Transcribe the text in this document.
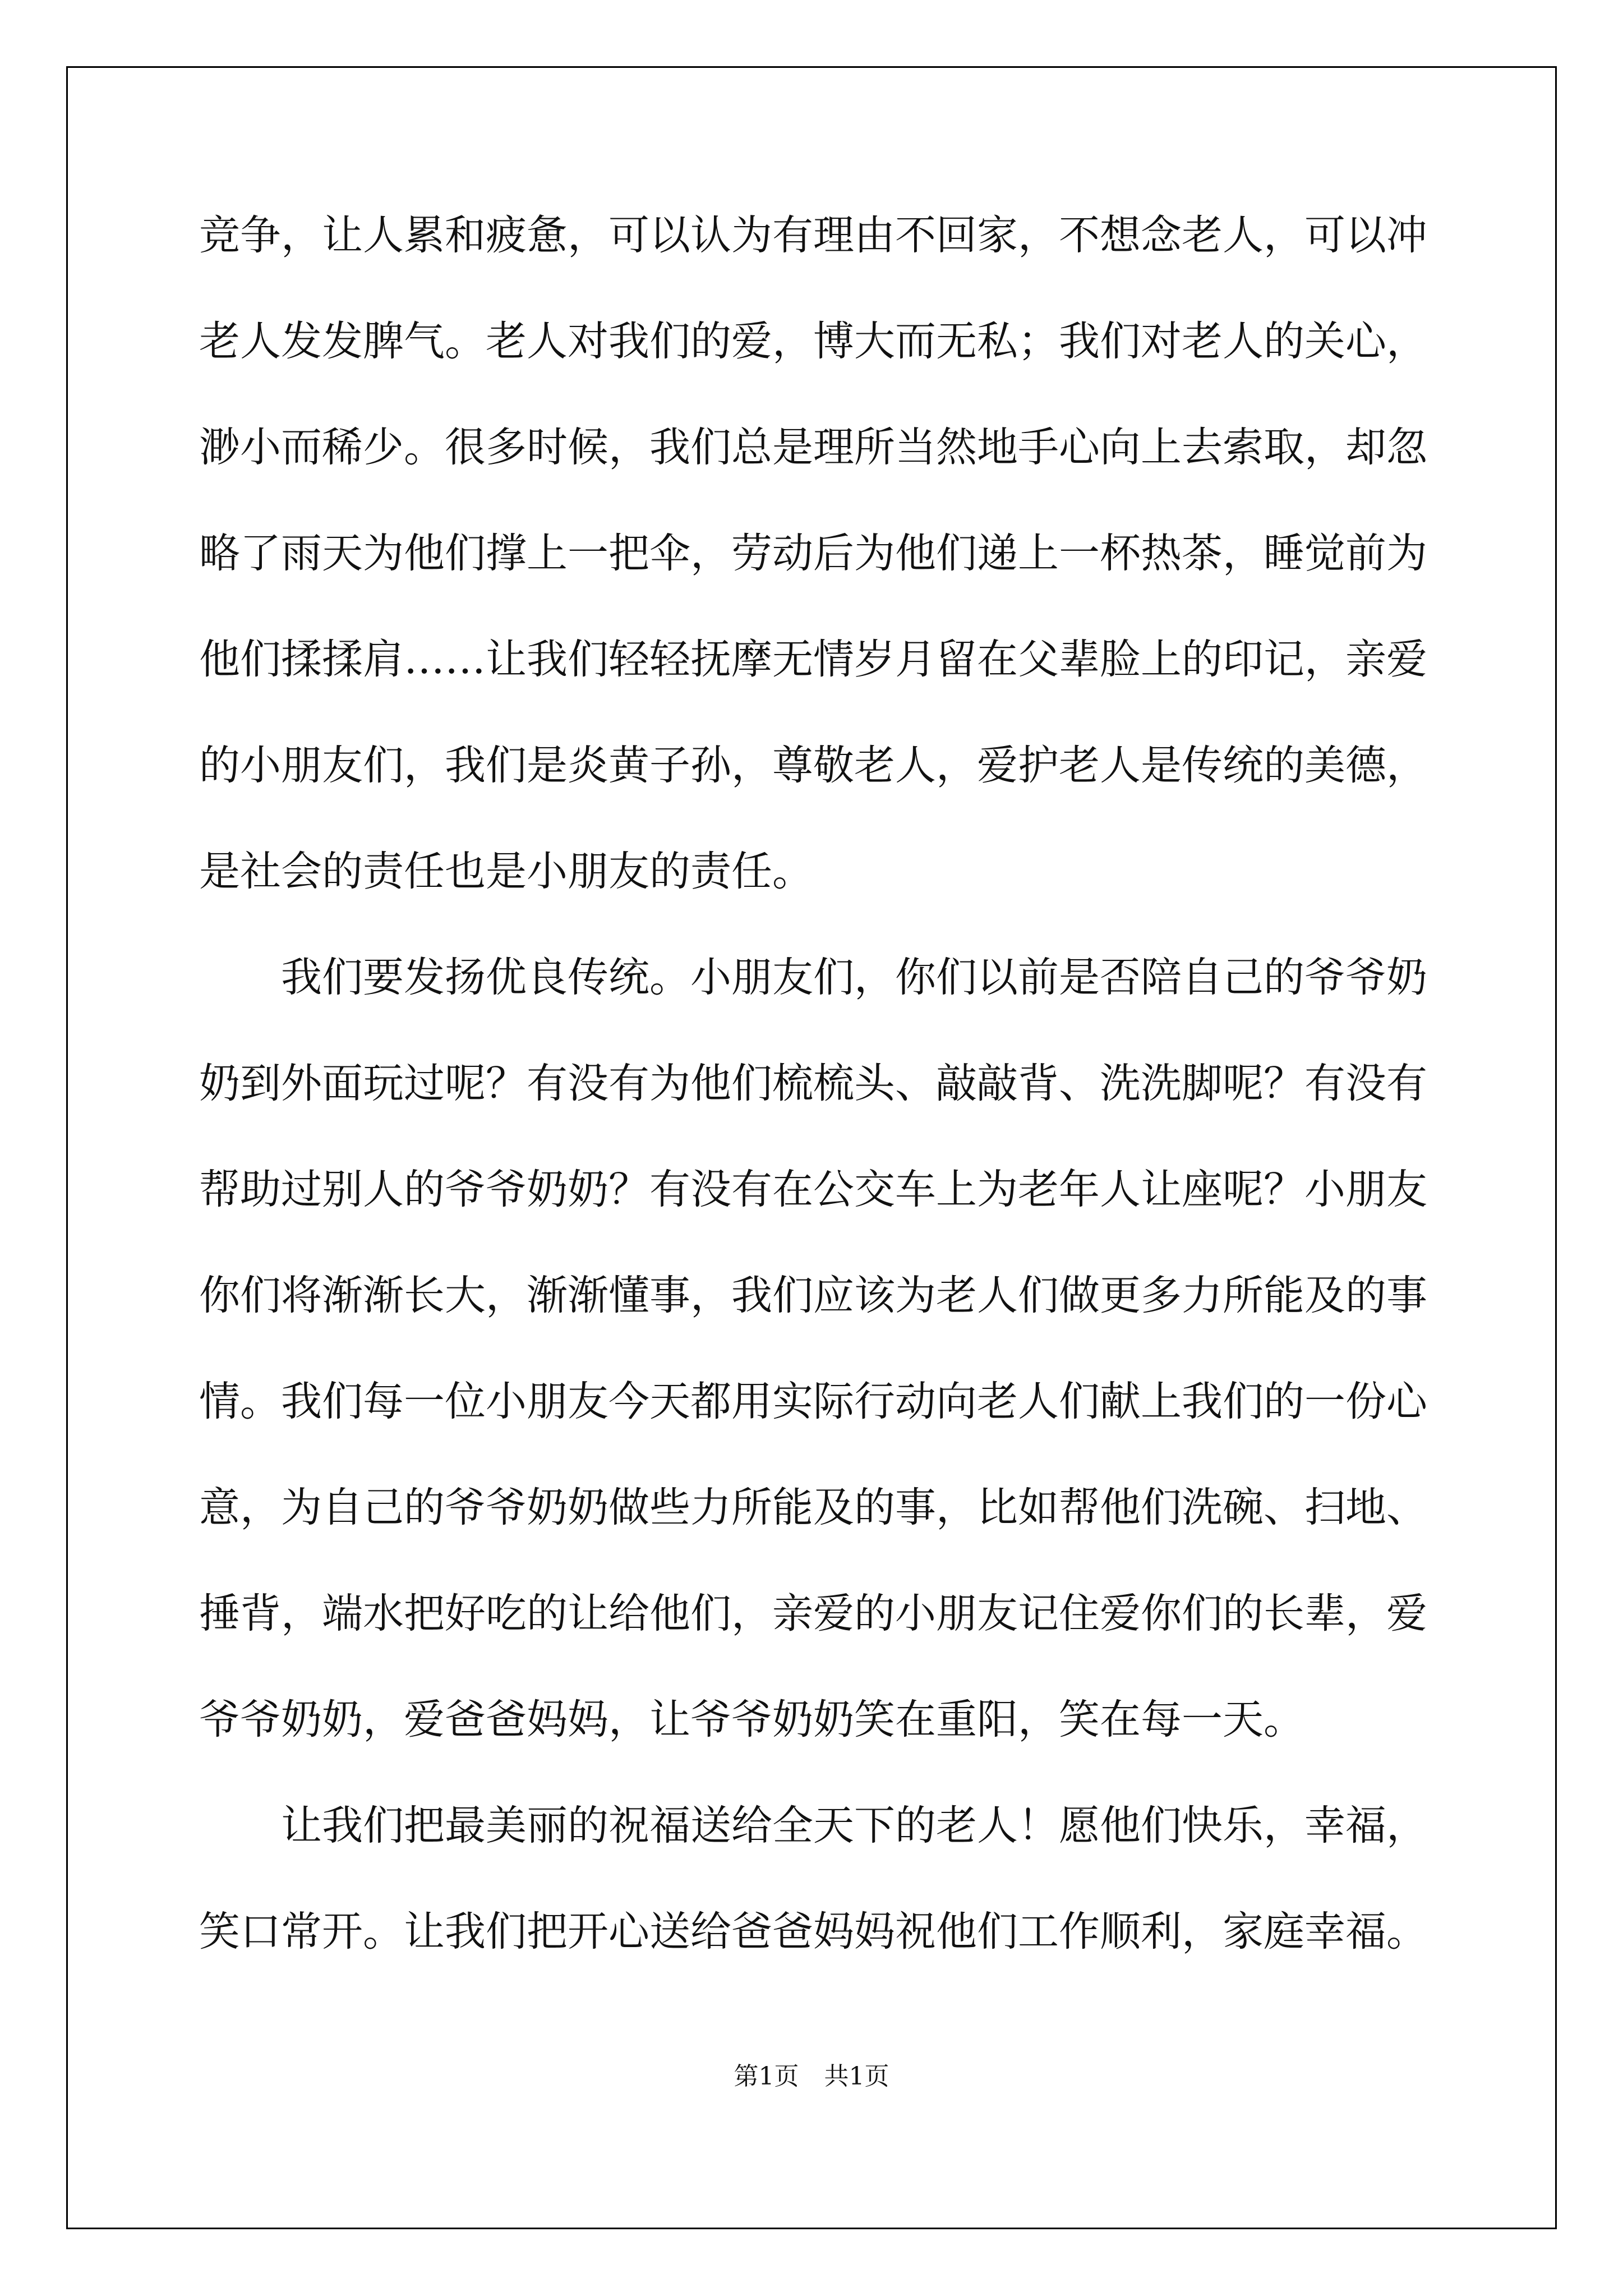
竞争，让人累和疲惫，可以认为有理由不回家，不想念老人，可以冲
老人发发脾气。老人对我们的爱，博大而无私；我们对老人的关心，
渺小而稀少。很多时候，我们总是理所当然地手心向上去索取，却忽
略了雨天为他们撑上一把伞，劳动后为他们递上一杯热茶，睡觉前为
他们揉揉肩……让我们轻轻抚摩无情岁月留在父辈脸上的印记，亲爱
的小朋友们，我们是炎黄子孙，尊敬老人，爱护老人是传统的美德，
是社会的责任也是小朋友的责任。
我们要发扬优良传统。小朋友们，你们以前是否陪自己的爷爷奶
奶到外面玩过呢？有没有为他们梳梳头、敲敲背、洗洗脚呢？有没有
帮助过别人的爷爷奶奶？有没有在公交车上为老年人让座呢？小朋友
你们将渐渐长大，渐渐懂事，我们应该为老人们做更多力所能及的事
情。我们每一位小朋友今天都用实际行动向老人们献上我们的一份心
意，为自己的爷爷奶奶做些力所能及的事，比如帮他们洗碗、扫地、
捶背，端水把好吃的让给他们，亲爱的小朋友记住爱你们的长辈，爱
爷爷奶奶，爱爸爸妈妈，让爷爷奶奶笑在重阳，笑在每一天。
让我们把最美丽的祝福送给全天下的老人！愿他们快乐，幸福，
笑口常开。让我们把开心送给爸爸妈妈祝他们工作顺利，家庭幸福。
第1页 共1页
